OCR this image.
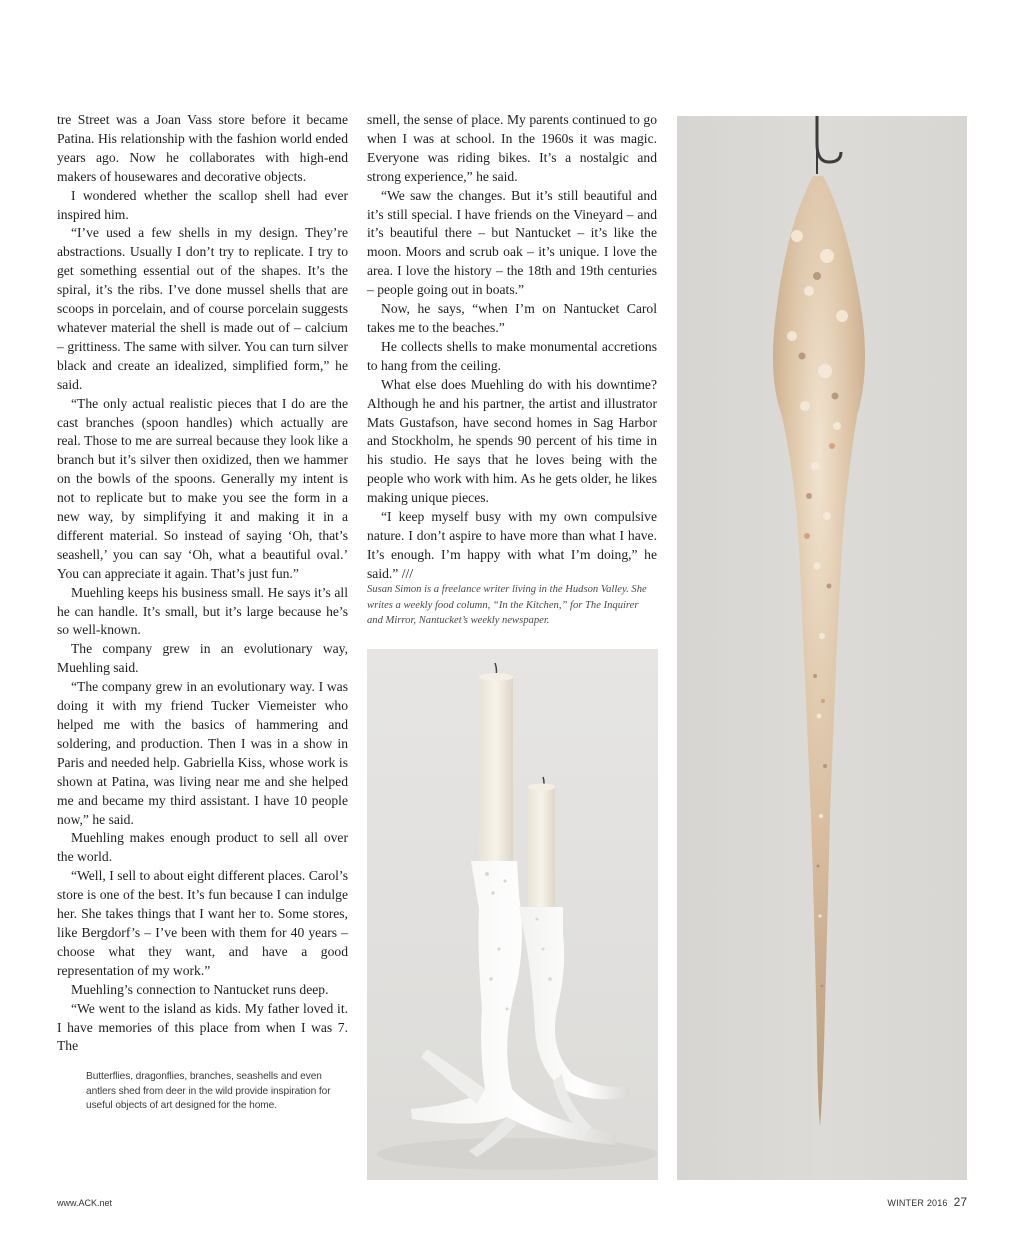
tre Street was a Joan Vass store before it became Patina. His relationship with the fashion world ended years ago. Now he collaborates with high-end makers of housewares and decorative objects.

I wondered whether the scallop shell had ever inspired him.

“I’ve used a few shells in my design. They’re abstractions. Usually I don’t try to replicate. I try to get something essential out of the shapes. It’s the spiral, it’s the ribs. I’ve done mussel shells that are scoops in porcelain, and of course porcelain suggests whatever material the shell is made out of – calcium – grittiness. The same with silver. You can turn silver black and create an idealized, simplified form,” he said.

“The only actual realistic pieces that I do are the cast branches (spoon handles) which actually are real. Those to me are surreal because they look like a branch but it’s silver then oxidized, then we hammer on the bowls of the spoons. Generally my intent is not to replicate but to make you see the form in a new way, by simplifying it and making it in a different material. So instead of saying ‘Oh, that’s seashell,’ you can say ‘Oh, what a beautiful oval.’ You can appreciate it again. That’s just fun.”

Muehling keeps his business small. He says it’s all he can handle. It’s small, but it’s large because he’s so well-known.

The company grew in an evolutionary way, Muehling said.

“The company grew in an evolutionary way. I was doing it with my friend Tucker Viemeister who helped me with the basics of hammering and soldering, and production. Then I was in a show in Paris and needed help. Gabriella Kiss, whose work is shown at Patina, was living near me and she helped me and became my third assistant. I have 10 people now,” he said.

Muehling makes enough product to sell all over the world.

“Well, I sell to about eight different places. Carol’s store is one of the best. It’s fun because I can indulge her. She takes things that I want her to. Some stores, like Bergdorf’s – I’ve been with them for 40 years – choose what they want, and have a good representation of my work.”

Muehling’s connection to Nantucket runs deep.

“We went to the island as kids. My father loved it. I have memories of this place from when I was 7. The

smell, the sense of place. My parents continued to go when I was at school. In the 1960s it was magic. Everyone was riding bikes. It’s a nostalgic and strong experience,” he said.

“We saw the changes. But it’s still beautiful and it’s still special. I have friends on the Vineyard – and it’s beautiful there – but Nantucket – it’s like the moon. Moors and scrub oak – it’s unique. I love the area. I love the history – the 18th and 19th centuries – people going out in boats.”

Now, he says, “when I’m on Nantucket Carol takes me to the beaches.”

He collects shells to make monumental accretions to hang from the ceiling.

What else does Muehling do with his downtime? Although he and his partner, the artist and illustrator Mats Gustafson, have second homes in Sag Harbor and Stockholm, he spends 90 percent of his time in his studio. He says that he loves being with the people who work with him. As he gets older, he likes making unique pieces.

“I keep myself busy with my own compulsive nature. I don’t aspire to have more than what I have. It’s enough. I’m happy with what I’m doing,” he said.” ///

Susan Simon is a freelance writer living in the Hudson Valley. She writes a weekly food column, “In the Kitchen,” for The Inquirer and Mirror, Nantucket’s weekly newspaper.
Butterflies, dragonflies, branches, seashells and even antlers shed from deer in the wild provide inspiration for useful objects of art designed for the home.
www.ACK.net	WINTER 2016 27
